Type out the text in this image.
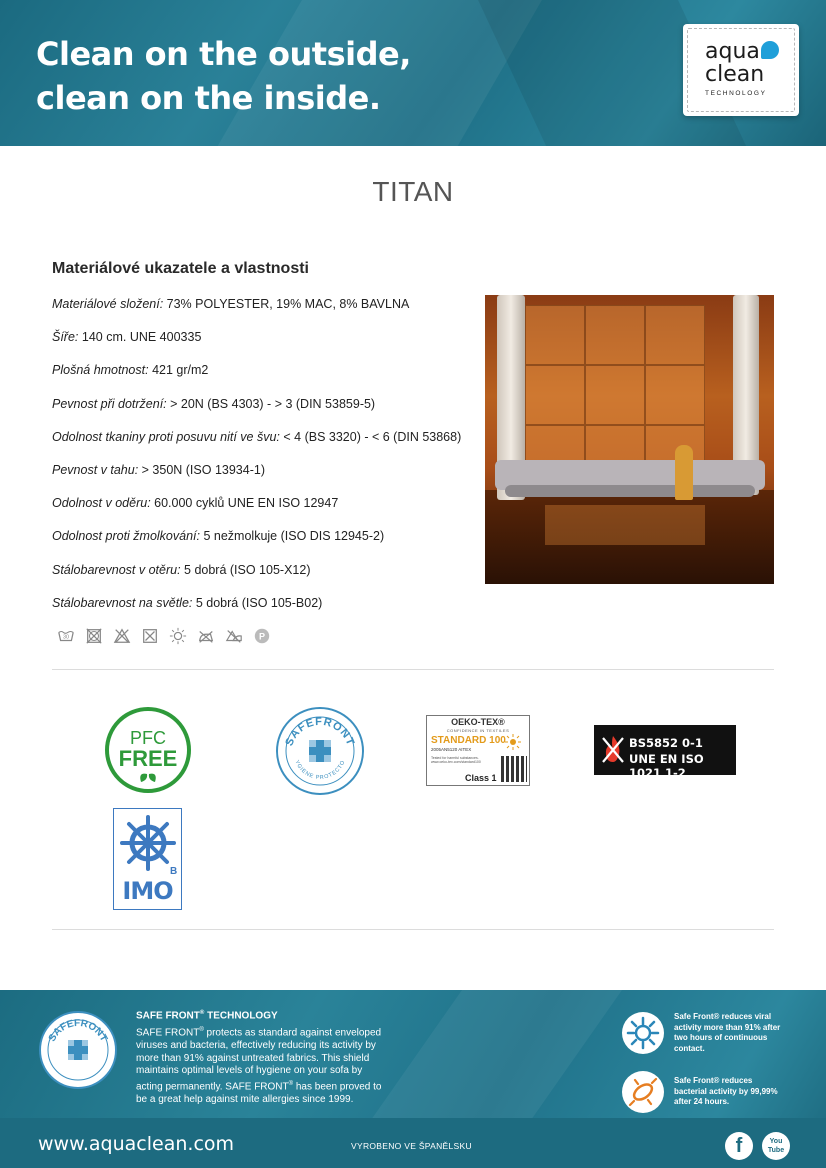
Clean on the outside,
clean on the inside.
aqua
clean
TECHNOLOGY
TITAN
Materiálové ukazatele a vlastnosti
Materiálové složení: 73% POLYESTER, 19% MAC, 8% BAVLNA
Šíře: 140 cm. UNE 400335
Plošná hmotnost: 421 gr/m2
Pevnost při dotržení: > 20N (BS 4303) - > 3 (DIN 53859-5)
Odolnost tkaniny proti posuvu nití ve švu: < 4 (BS 3320) - < 6 (DIN 53868)
Pevnost v tahu: > 350N (ISO 13934-1)
Odolnost v oděru: 60.000 cyklů UNE EN ISO 12947
Odolnost proti žmolkování: 5 nežmolkuje (ISO DIS 12945-2)
Stálobarevnost v otěru: 5 dobrá (ISO 105-X12)
Stálobarevnost na světle: 5 dobrá (ISO 105-B02)
30	P
PFC
FREE
SAFEFRONT
YGIENE PROTECTO
OEKO-TEX®
CONFIDENCE IN TEXTILES
STANDARD 100
2005AN5120 AITEX
Tested for harmful substances. www.oeko-tex.com/standard100
Class 1
BS5852 0-1
UNE EN ISO 1021 1-2
B
IMO
SAFEFRONT
SAFE FRONT® TECHNOLOGY
SAFE FRONT® protects as standard against enveloped viruses and bacteria, effectively reducing its activity by more than 91% against untreated fabrics. This shield maintains optimal levels of hygiene on your sofa by acting permanently. SAFE FRONT® has been proved to be a great help against mite allergies since 1999.
Safe Front® reduces viral activity more than 91% after two hours of continuous contact.
Safe Front® reduces bacterial activity by 99,99% after 24 hours.
www.aquaclean.com	VYROBENO VE ŠPANĚLSKU	f	You Tube
